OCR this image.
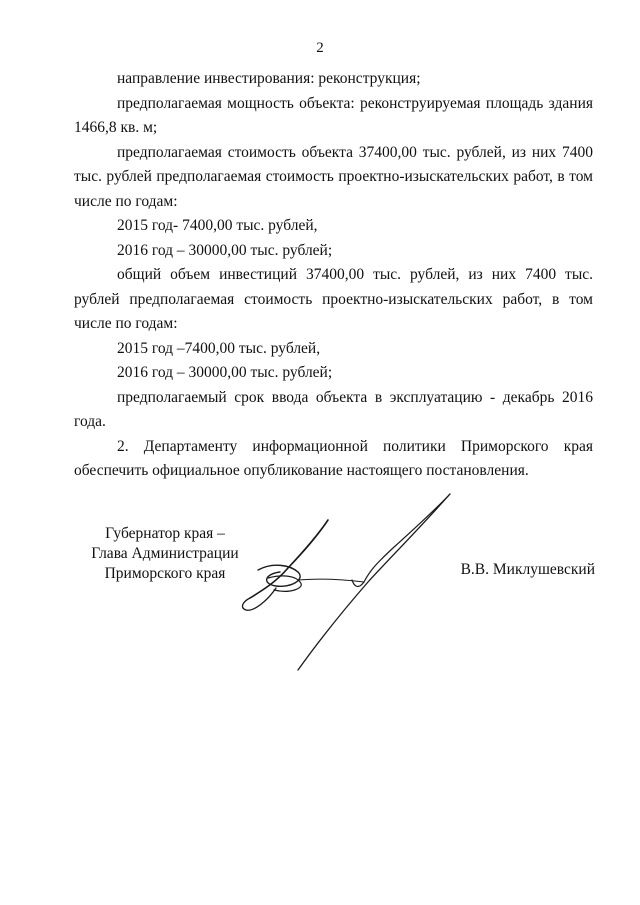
2

направление инвестирования: реконструкция;

предполагаемая мощность объекта: реконструируемая площадь здания 1466,8 кв. м;

предполагаемая стоимость объекта 37400,00 тыс. рублей, из них 7400 тыс. рублей предполагаемая стоимость проектно-изыскательских работ, в том числе по годам:

2015 год- 7400,00 тыс. рублей,

2016 год – 30000,00 тыс. рублей;

общий объем инвестиций 37400,00 тыс. рублей, из них 7400 тыс. рублей предполагаемая стоимость проектно-изыскательских работ, в том числе по годам:

2015 год –7400,00 тыс. рублей,

2016 год – 30000,00 тыс. рублей;

предполагаемый срок ввода объекта в эксплуатацию - декабрь 2016 года.

2. Департаменту информационной политики Приморского края обеспечить официальное опубликование настоящего постановления.

Губернатор края –
Глава Администрации
Приморского края	В.В. Миклушевский
